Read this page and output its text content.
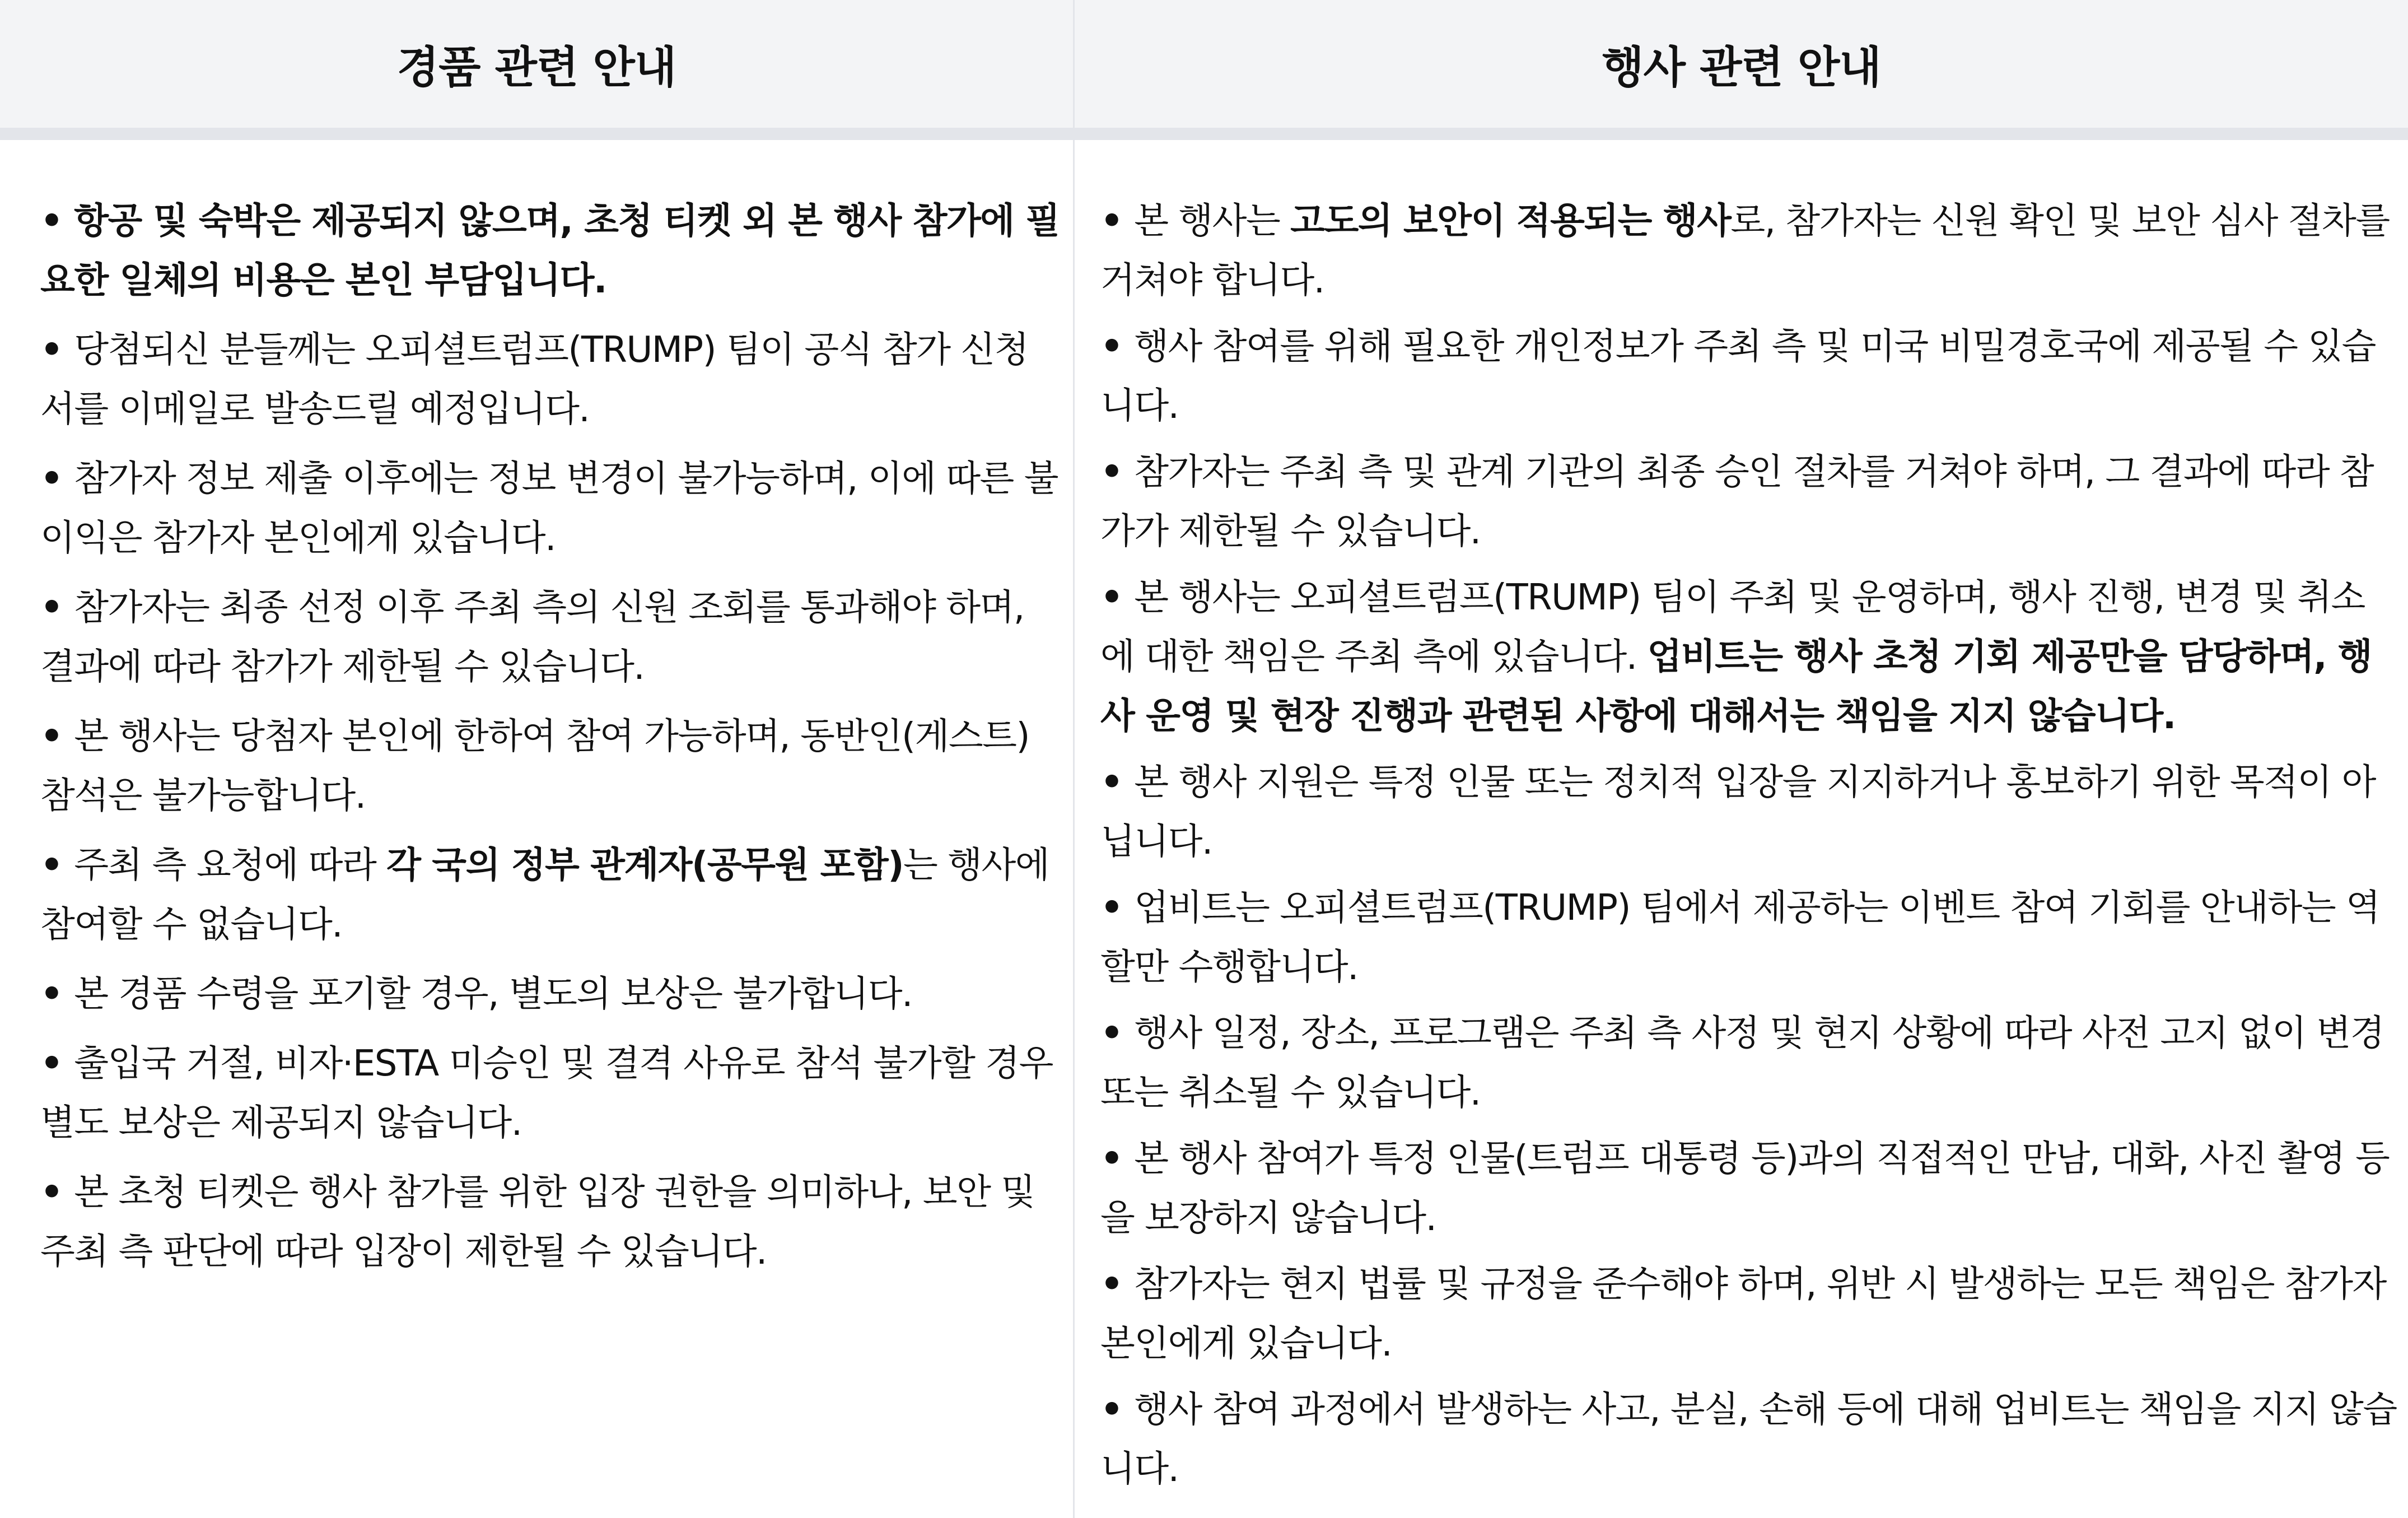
경품 관련 안내	행사 관련 안내

• 항공 및 숙박은 제공되지 않으며, 초청 티켓 외 본 행사 참가에 필요한 일체의 비용은 본인 부담입니다.

• 당첨되신 분들께는 오피셜트럼프(TRUMP) 팀이 공식 참가 신청서를 이메일로 발송드릴 예정입니다.

• 참가자 정보 제출 이후에는 정보 변경이 불가능하며, 이에 따른 불이익은 참가자 본인에게 있습니다.

• 참가자는 최종 선정 이후 주최 측의 신원 조회를 통과해야 하며, 결과에 따라 참가가 제한될 수 있습니다.

• 본 행사는 당첨자 본인에 한하여 참여 가능하며, 동반인(게스트) 참석은 불가능합니다.

• 주최 측 요청에 따라 각 국의 정부 관계자(공무원 포함)는 행사에 참여할 수 없습니다.

• 본 경품 수령을 포기할 경우, 별도의 보상은 불가합니다.

• 출입국 거절, 비자·ESTA 미승인 및 결격 사유로 참석 불가할 경우 별도 보상은 제공되지 않습니다.

• 본 초청 티켓은 행사 참가를 위한 입장 권한을 의미하나, 보안 및 주최 측 판단에 따라 입장이 제한될 수 있습니다.

• 본 행사는 고도의 보안이 적용되는 행사로, 참가자는 신원 확인 및 보안 심사 절차를 거쳐야 합니다.

• 행사 참여를 위해 필요한 개인정보가 주최 측 및 미국 비밀경호국에 제공될 수 있습니다.

• 참가자는 주최 측 및 관계 기관의 최종 승인 절차를 거쳐야 하며, 그 결과에 따라 참가가 제한될 수 있습니다.

• 본 행사는 오피셜트럼프(TRUMP) 팀이 주최 및 운영하며, 행사 진행, 변경 및 취소에 대한 책임은 주최 측에 있습니다. 업비트는 행사 초청 기회 제공만을 담당하며, 행사 운영 및 현장 진행과 관련된 사항에 대해서는 책임을 지지 않습니다.

• 본 행사 지원은 특정 인물 또는 정치적 입장을 지지하거나 홍보하기 위한 목적이 아닙니다.

• 업비트는 오피셜트럼프(TRUMP) 팀에서 제공하는 이벤트 참여 기회를 안내하는 역할만 수행합니다.

• 행사 일정, 장소, 프로그램은 주최 측 사정 및 현지 상황에 따라 사전 고지 없이 변경 또는 취소될 수 있습니다.

• 본 행사 참여가 특정 인물(트럼프 대통령 등)과의 직접적인 만남, 대화, 사진 촬영 등을 보장하지 않습니다.

• 참가자는 현지 법률 및 규정을 준수해야 하며, 위반 시 발생하는 모든 책임은 참가자 본인에게 있습니다.

• 행사 참여 과정에서 발생하는 사고, 분실, 손해 등에 대해 업비트는 책임을 지지 않습니다.
